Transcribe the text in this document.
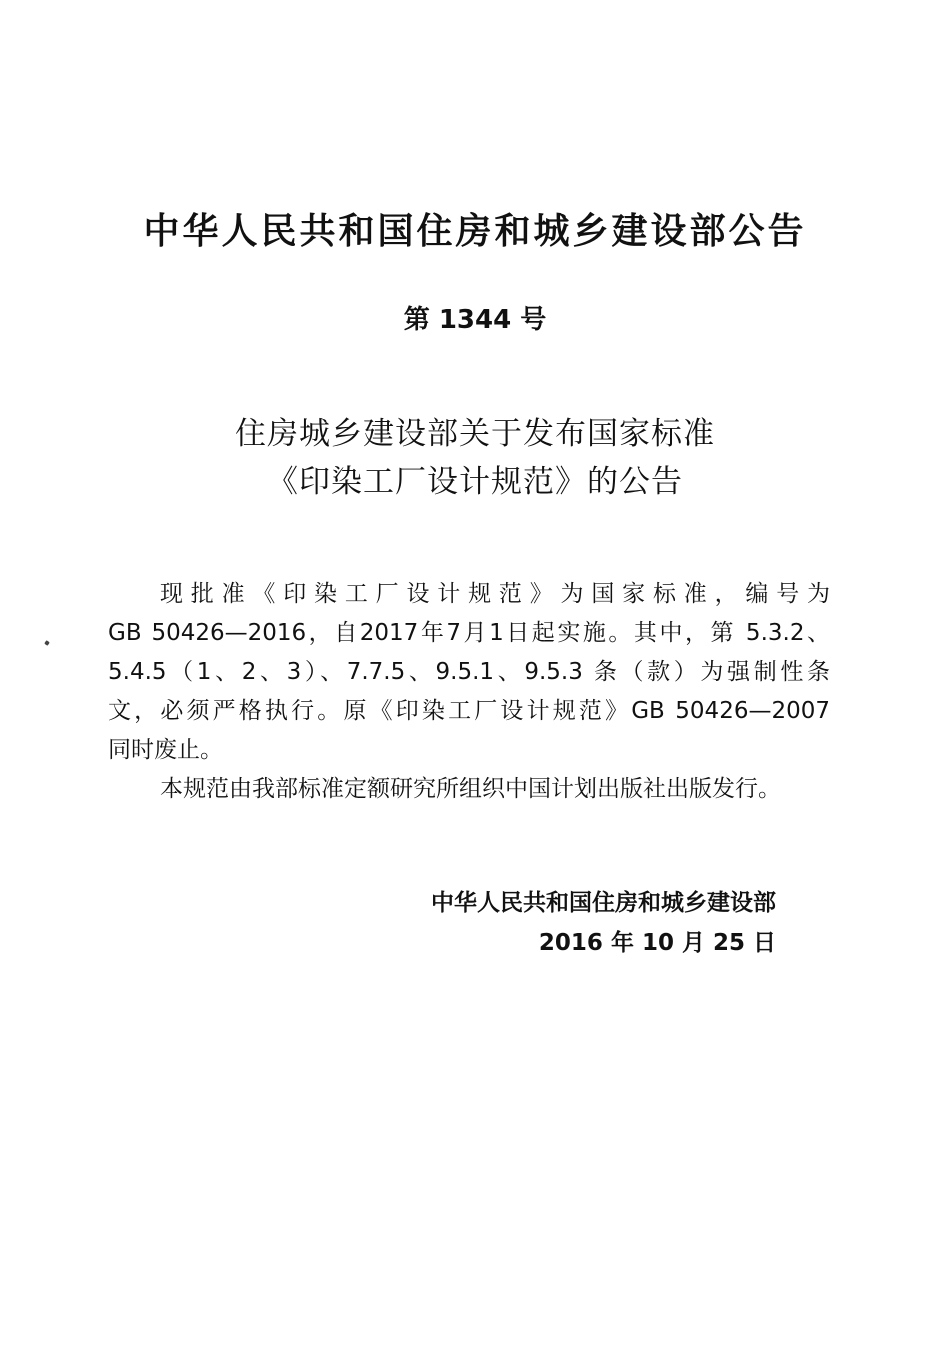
中华人民共和国住房和城乡建设部公告
第 1344 号
住房城乡建设部关于发布国家标准
《印染工厂设计规范》的公告
现批准《印染工厂设计规范》为国家标准，编号为
GB 50426—2016，自2017年7月1日起实施。其中，第 5.3.2、
5.4.5（1、2、3）、7.7.5、9.5.1、9.5.3 条（款）为强制性条
文，必须严格执行。原《印染工厂设计规范》GB 50426—2007
同时废止。
本规范由我部标准定额研究所组织中国计划出版社出版发行。
中华人民共和国住房和城乡建设部
2016 年 10 月 25 日
